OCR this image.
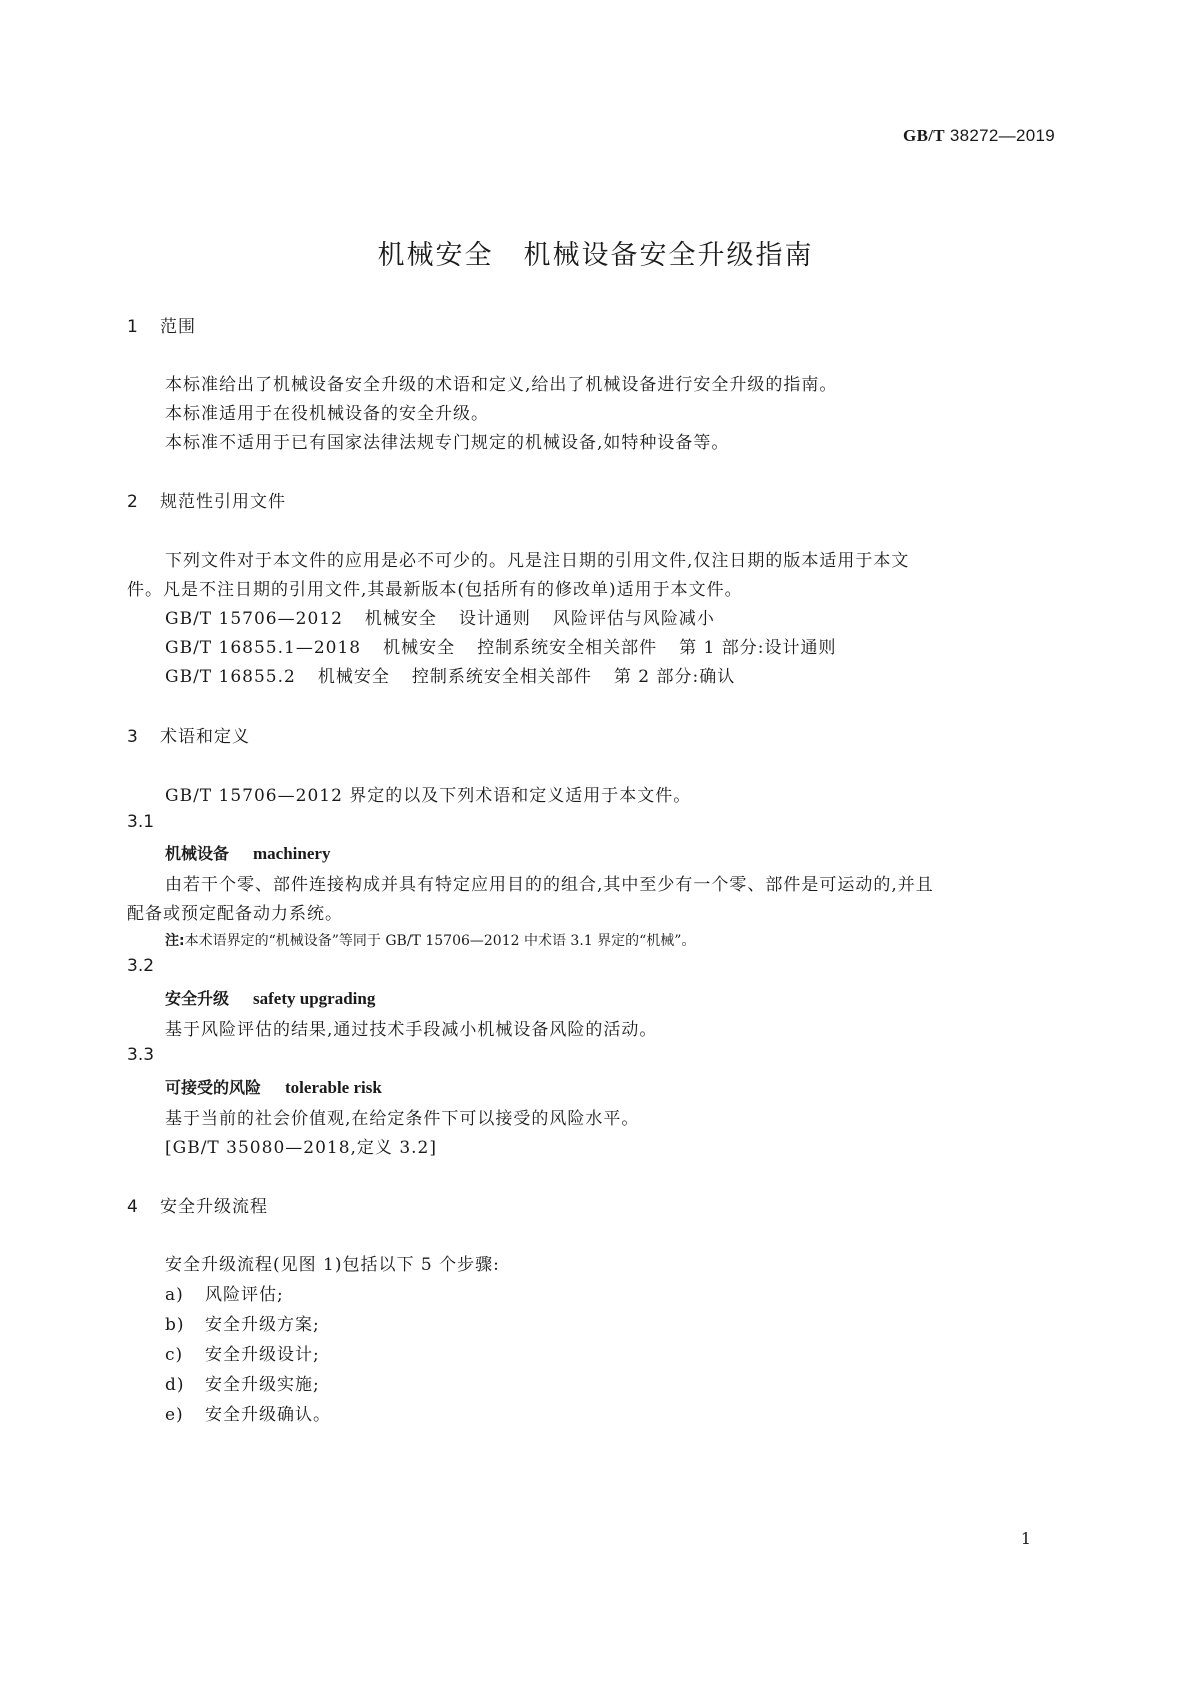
GB/T 38272—2019
机械安全 机械设备安全升级指南
1 范围
本标准给出了机械设备安全升级的术语和定义,给出了机械设备进行安全升级的指南。
本标准适用于在役机械设备的安全升级。
本标准不适用于已有国家法律法规专门规定的机械设备,如特种设备等。
2 规范性引用文件
下列文件对于本文件的应用是必不可少的。凡是注日期的引用文件,仅注日期的版本适用于本文
件。凡是不注日期的引用文件,其最新版本(包括所有的修改单)适用于本文件。
GB/T 15706—2012 机械安全 设计通则 风险评估与风险减小
GB/T 16855.1—2018 机械安全 控制系统安全相关部件 第 1 部分:设计通则
GB/T 16855.2 机械安全 控制系统安全相关部件 第 2 部分:确认
3 术语和定义
GB/T 15706—2012 界定的以及下列术语和定义适用于本文件。
3.1
机械设备 machinery
由若干个零、部件连接构成并具有特定应用目的的组合,其中至少有一个零、部件是可运动的,并且
配备或预定配备动力系统。
注:本术语界定的“机械设备”等同于 GB/T 15706—2012 中术语 3.1 界定的“机械”。
3.2
安全升级 safety upgrading
基于风险评估的结果,通过技术手段减小机械设备风险的活动。
3.3
可接受的风险 tolerable risk
基于当前的社会价值观,在给定条件下可以接受的风险水平。
[GB/T 35080—2018,定义 3.2]
4 安全升级流程
安全升级流程(见图 1)包括以下 5 个步骤:
a) 风险评估;
b) 安全升级方案;
c) 安全升级设计;
d) 安全升级实施;
e) 安全升级确认。
1
